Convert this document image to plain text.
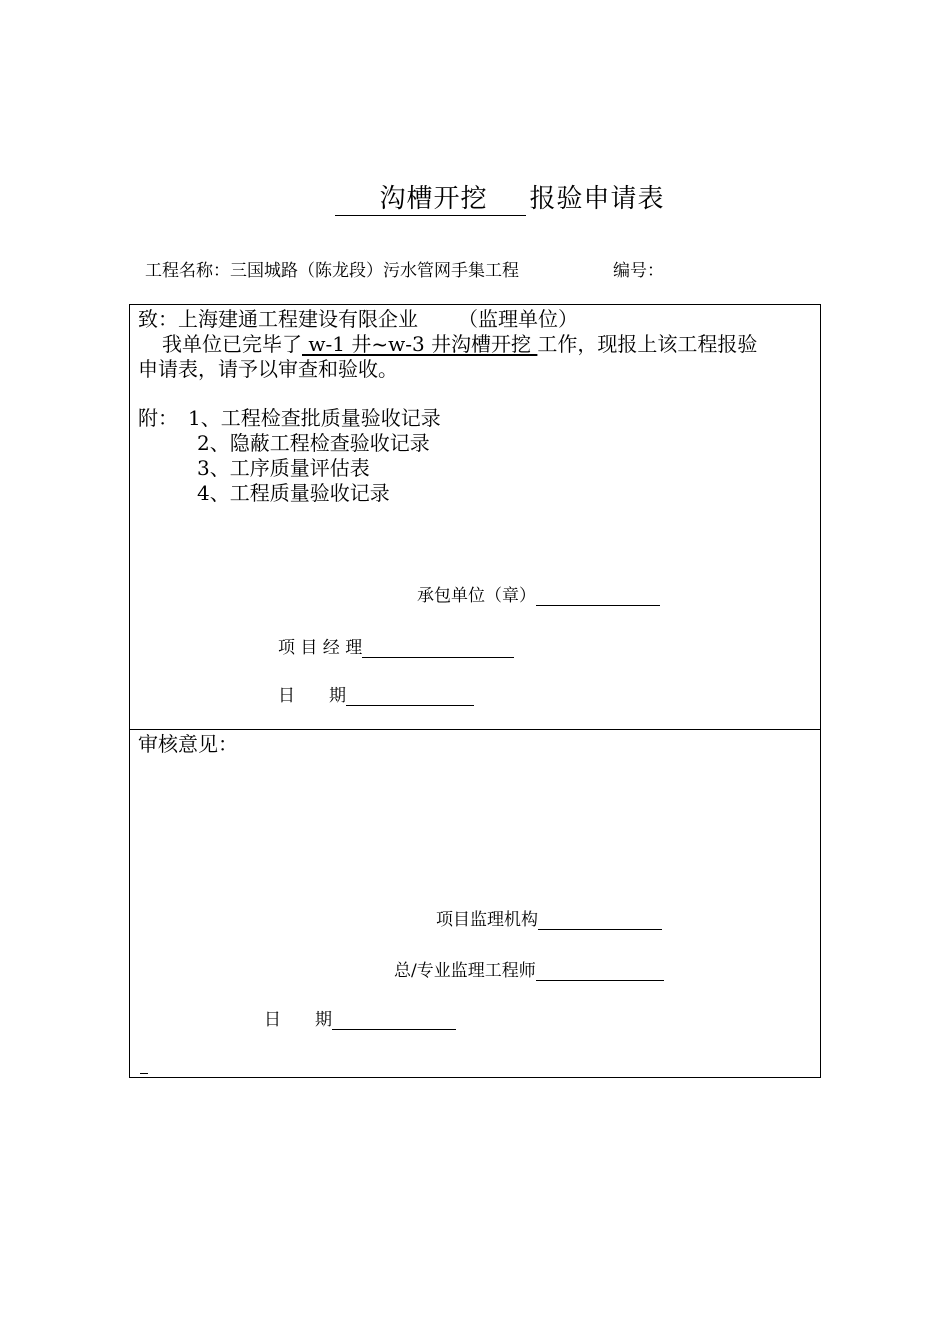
沟槽开挖 报验申请表
工程名称：三国城路（陈龙段）污水管网手集工程	编号：
致：上海建通工程建设有限企业 （监理单位）
我单位已完毕了 w-1 井~w-3 井沟槽开挖 工作，现报上该工程报验
申请表，请予以审查和验收。
附： 1、工程检查批质量验收记录
2、隐蔽工程检查验收记录
3、工序质量评估表
4、工程质量验收记录
承包单位（章）
项 目 经 理
日　　期
审核意见：
项目监理机构
总/专业监理工程师
日　　期
